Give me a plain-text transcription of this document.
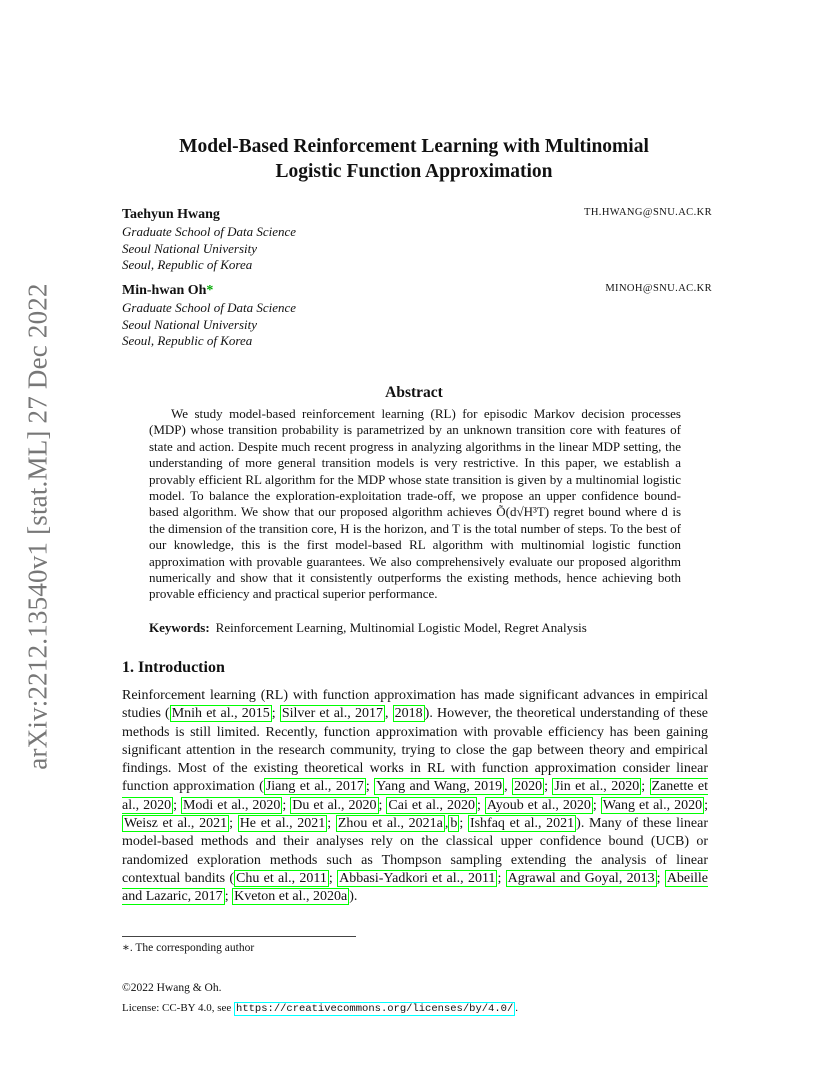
arXiv:2212.13540v1 [stat.ML] 27 Dec 2022
Model-Based Reinforcement Learning with Multinomial
Logistic Function Approximation
Taehyun Hwang	TH.HWANG@SNU.AC.KR
Graduate School of Data Science
Seoul National University
Seoul, Republic of Korea
Min-hwan Oh*	MINOH@SNU.AC.KR
Graduate School of Data Science
Seoul National University
Seoul, Republic of Korea
Abstract

We study model-based reinforcement learning (RL) for episodic Markov decision processes (MDP) whose transition probability is parametrized by an unknown transition core with features of state and action. Despite much recent progress in analyzing algorithms in the linear MDP setting, the understanding of more general transition models is very restrictive. In this paper, we establish a provably efficient RL algorithm for the MDP whose state transition is given by a multinomial logistic model. To balance the exploration-exploitation trade-off, we propose an upper confidence bound-based algorithm. We show that our proposed algorithm achieves Õ(d√H³T) regret bound where d is the dimension of the transition core, H is the horizon, and T is the total number of steps. To the best of our knowledge, this is the first model-based RL algorithm with multinomial logistic function approximation with provable guarantees. We also comprehensively evaluate our proposed algorithm numerically and show that it consistently outperforms the existing methods, hence achieving both provable efficiency and practical superior performance.

Keywords: Reinforcement Learning, Multinomial Logistic Model, Regret Analysis
1. Introduction

Reinforcement learning (RL) with function approximation has made significant advances in empirical studies ( Mnih et al., 2015 ; Silver et al., 2017 , 2018 ). However, the theoretical understanding of these methods is still limited. Recently, function approximation with provable efficiency has been gaining significant attention in the research community, trying to close the gap between theory and empirical findings. Most of the existing theoretical works in RL with function approximation consider linear function approximation ( Jiang et al., 2017 ; Yang and Wang, 2019 , 2020 ; Jin et al., 2020 ; Zanette et al., 2020 ; Modi et al., 2020 ; Du et al., 2020 ; Cai et al., 2020 ; Ayoub et al., 2020 ; Wang et al., 2020 ; Weisz et al., 2021 ; He et al., 2021 ; Zhou et al., 2021a , b ; Ishfaq et al., 2021 ). Many of these linear model-based methods and their analyses rely on the classical upper confidence bound (UCB) or randomized exploration methods such as Thompson sampling extending the analysis of linear contextual bandits ( Chu et al., 2011 ; Abbasi-Yadkori et al., 2011 ; Agrawal and Goyal, 2013 ; Abeille and Lazaric, 2017 ; Kveton et al., 2020a ).

∗. The corresponding author
©2022 Hwang & Oh.
License: CC-BY 4.0, see https://creativecommons.org/licenses/by/4.0/ .
